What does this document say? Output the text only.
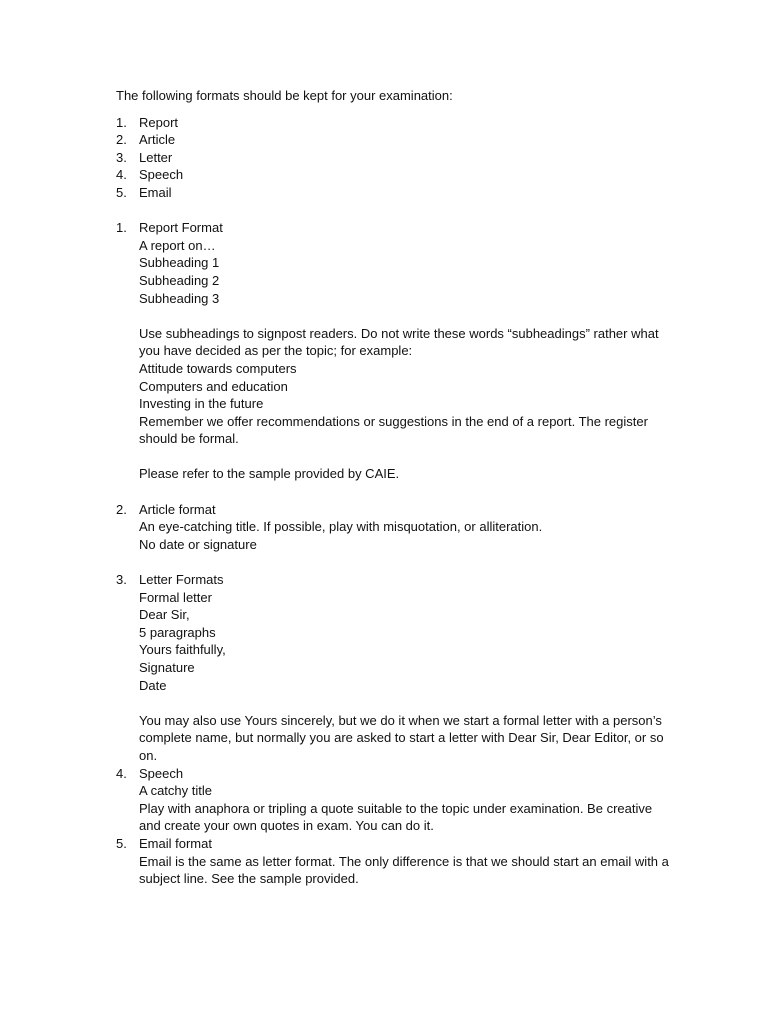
The following formats should be kept for your examination:
1. Report
2. Article
3. Letter
4. Speech
5. Email
1. Report Format
A report on…
Subheading 1
Subheading 2
Subheading 3
Use subheadings to signpost readers. Do not write these words “subheadings” rather what you have decided as per the topic; for example:
Attitude towards computers
Computers and education
Investing in the future
Remember we offer recommendations or suggestions in the end of a report. The register should be formal.
Please refer to the sample provided by CAIE.
2. Article format
An eye-catching title. If possible, play with misquotation, or alliteration.
No date or signature
3. Letter Formats
Formal letter
Dear Sir,
5 paragraphs
Yours faithfully,
Signature
Date
You may also use Yours sincerely, but we do it when we start a formal letter with a person’s complete name, but normally you are asked to start a letter with Dear Sir, Dear Editor, or so on.
4. Speech
A catchy title
Play with anaphora or tripling a quote suitable to the topic under examination. Be creative and create your own quotes in exam. You can do it.
5. Email format
Email is the same as letter format. The only difference is that we should start an email with a subject line. See the sample provided.
